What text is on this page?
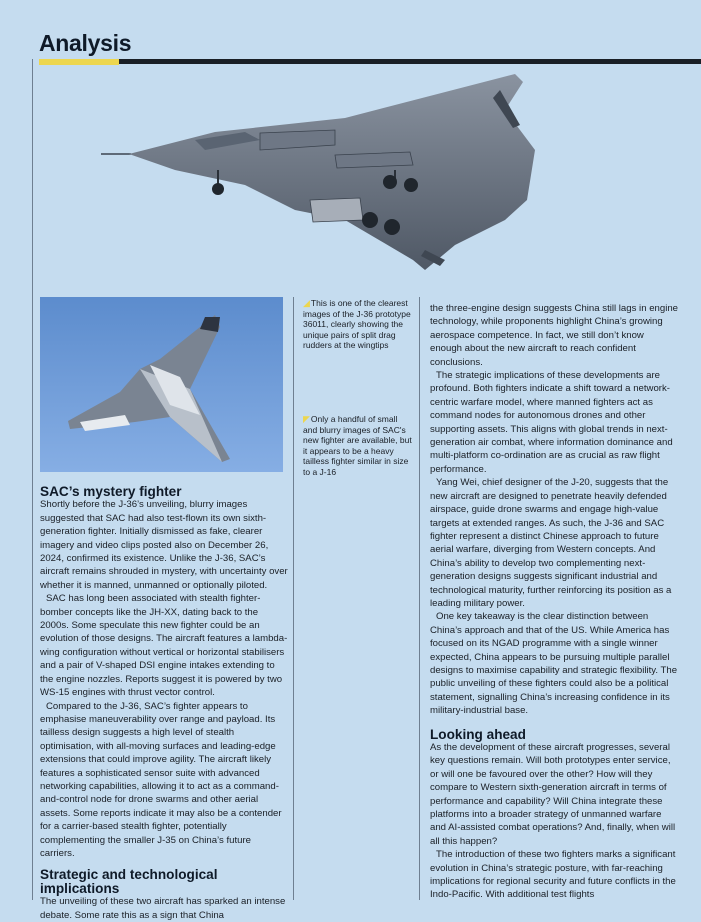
Analysis
◢This is one of the clearest images of the J-36 prototype 36011, clearly showing the unique pairs of split drag rudders at the wingtips
◤Only a handful of small and blurry images of SAC's new fighter are available, but it appears to be a heavy tailless fighter similar in size to a J-16
SAC’s mystery fighter

Shortly before the J-36’s unveiling, blurry images suggested that SAC had also test-flown its own sixth-generation fighter. Initially dismissed as fake, clearer imagery and video clips posted also on December 26, 2024, confirmed its existence. Unlike the J-36, SAC’s aircraft remains shrouded in mystery, with uncertainty over whether it is manned, unmanned or optionally piloted.

SAC has long been associated with stealth fighter-bomber concepts like the JH-XX, dating back to the 2000s. Some speculate this new fighter could be an evolution of those designs. The aircraft features a lambda-wing configuration without vertical or horizontal stabilisers and a pair of V-shaped DSI engine intakes extending to the engine nozzles. Reports suggest it is powered by two WS-15 engines with thrust vector control.

Compared to the J-36, SAC’s fighter appears to emphasise maneuverability over range and payload. Its tailless design suggests a high level of stealth optimisation, with all-moving surfaces and leading-edge extensions that could improve agility. The aircraft likely features a sophisticated sensor suite with advanced networking capabilities, allowing it to act as a command-and-control node for drone swarms and other aerial assets. Some reports indicate it may also be a contender for a carrier-based stealth fighter, potentially complementing the smaller J-35 on China’s future carriers.

Strategic and technological implications

The unveiling of these two aircraft has sparked an intense debate. Some rate this as a sign that China

the three-engine design suggests China still lags in engine technology, while proponents highlight China’s growing aerospace competence. In fact, we still don’t know enough about the new aircraft to reach confident conclusions.

The strategic implications of these developments are profound. Both fighters indicate a shift toward a network-centric warfare model, where manned fighters act as command nodes for autonomous drones and other supporting assets. This aligns with global trends in next-generation air combat, where information dominance and multi-platform co-ordination are as crucial as raw flight performance.

Yang Wei, chief designer of the J-20, suggests that the new aircraft are designed to penetrate heavily defended airspace, guide drone swarms and engage high-value targets at extended ranges. As such, the J-36 and SAC fighter represent a distinct Chinese approach to future aerial warfare, diverging from Western concepts. And China’s ability to develop two complementing next-generation designs suggests significant industrial and technological maturity, further reinforcing its position as a leading military power.

One key takeaway is the clear distinction between China’s approach and that of the US. While America has focused on its NGAD programme with a single winner expected, China appears to be pursuing multiple parallel designs to maximise capability and strategic flexibility. The public unveiling of these fighters could also be a political statement, signalling China’s increasing confidence in its military-industrial base.

Looking ahead

As the development of these aircraft progresses, several key questions remain. Will both prototypes enter service, or will one be favoured over the other? How will they compare to Western sixth-generation aircraft in terms of performance and capability? Will China integrate these platforms into a broader strategy of unmanned warfare and AI-assisted combat operations? And, finally, when will all this happen?

The introduction of these two fighters marks a significant evolution in China’s strategic posture, with far-reaching implications for regional security and future conflicts in the Indo-Pacific. With additional test flights
